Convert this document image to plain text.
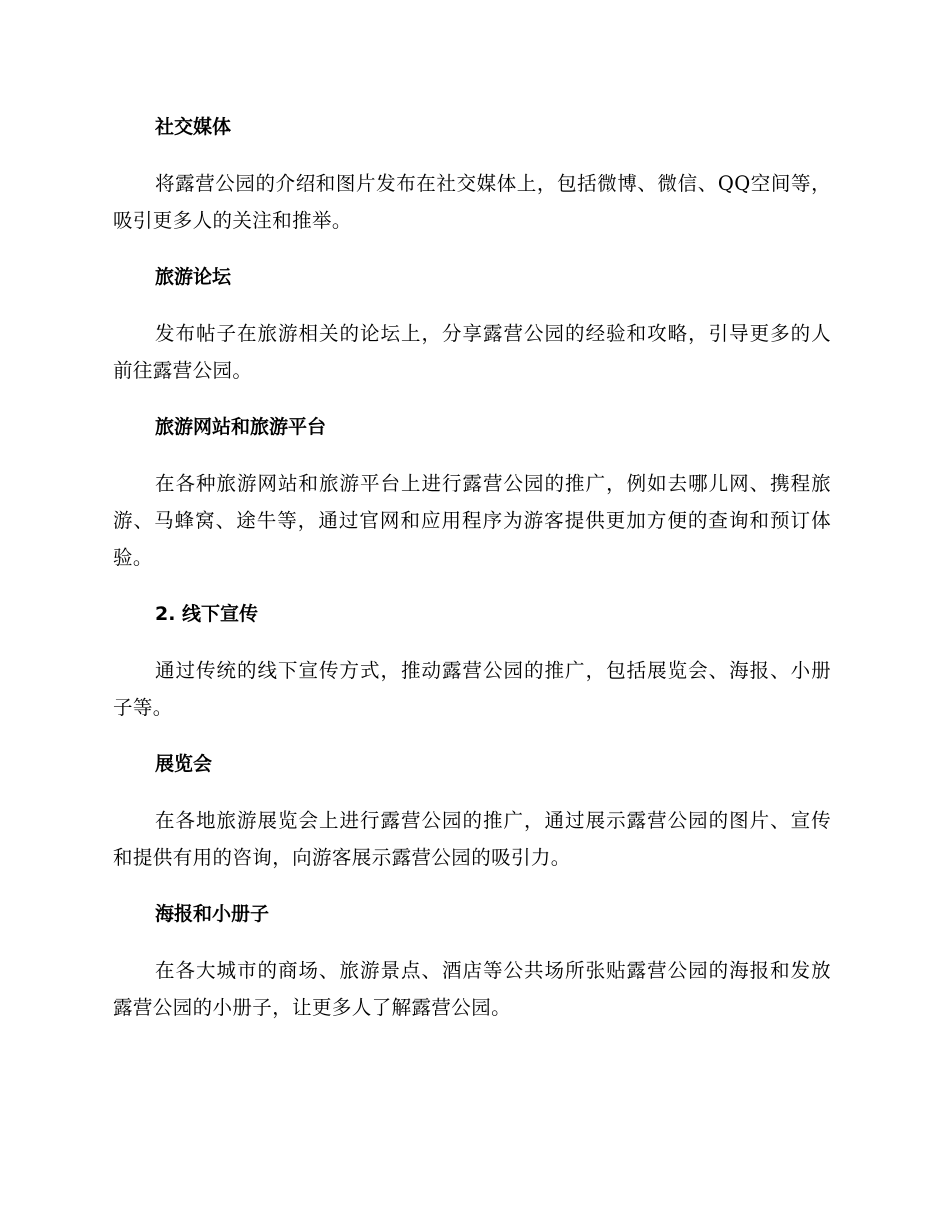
社交媒体
将露营公园的介绍和图片发布在社交媒体上，包括微博、微信、QQ空间等，吸引更多人的关注和推举。
旅游论坛
发布帖子在旅游相关的论坛上，分享露营公园的经验和攻略，引导更多的人前往露营公园。
旅游网站和旅游平台
在各种旅游网站和旅游平台上进行露营公园的推广，例如去哪儿网、携程旅游、马蜂窝、途牛等，通过官网和应用程序为游客提供更加方便的查询和预订体验。
2. 线下宣传
通过传统的线下宣传方式，推动露营公园的推广，包括展览会、海报、小册子等。
展览会
在各地旅游展览会上进行露营公园的推广，通过展示露营公园的图片、宣传和提供有用的咨询，向游客展示露营公园的吸引力。
海报和小册子
在各大城市的商场、旅游景点、酒店等公共场所张贴露营公园的海报和发放露营公园的小册子，让更多人了解露营公园。
